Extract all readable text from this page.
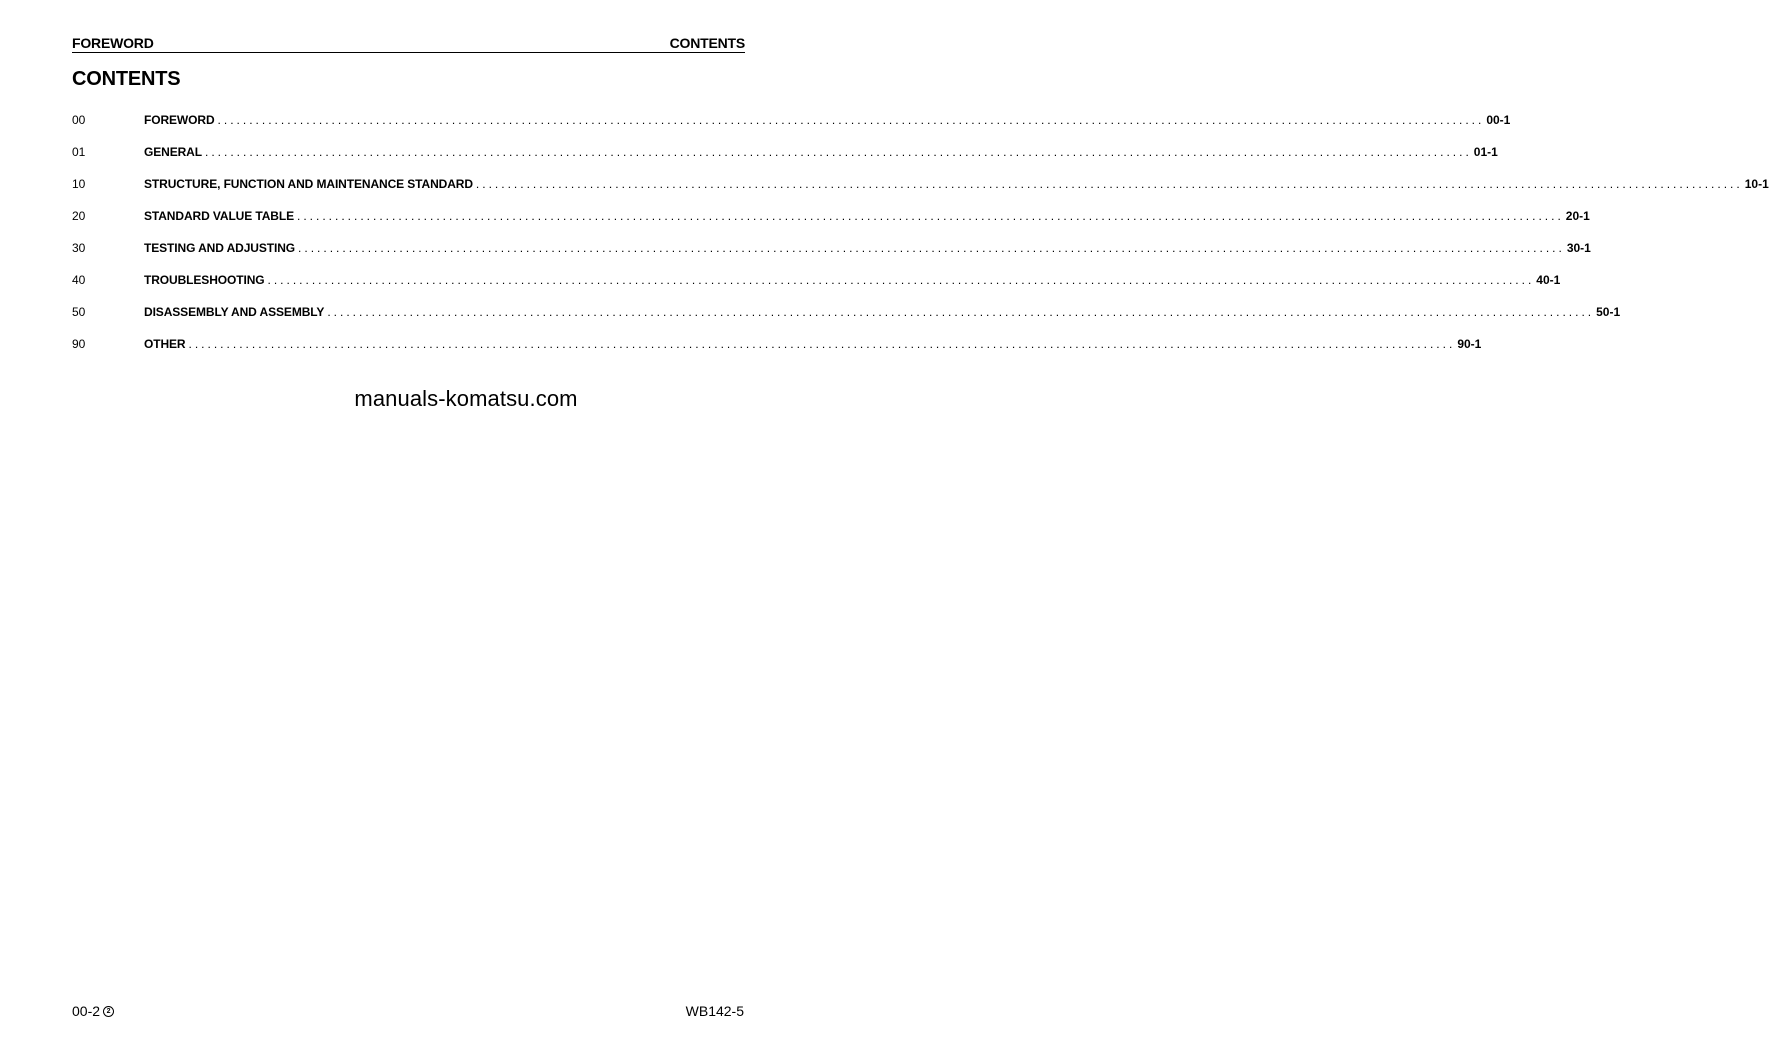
FOREWORD	CONTENTS
CONTENTS
00	FOREWORD ........................................................................................................................................................................................................ 00-1
01	GENERAL ........................................................................................................................................................................................................ 01-1
10	STRUCTURE, FUNCTION AND MAINTENANCE STANDARD ........................................................................................................................................................................................................ 10-1
20	STANDARD VALUE TABLE ........................................................................................................................................................................................................ 20-1
30	TESTING AND ADJUSTING ........................................................................................................................................................................................................ 30-1
40	TROUBLESHOOTING ........................................................................................................................................................................................................ 40-1
50	DISASSEMBLY AND ASSEMBLY ........................................................................................................................................................................................................ 50-1
90	OTHER ........................................................................................................................................................................................................ 90-1
manuals-komatsu.com
00-2 2	WB142-5
